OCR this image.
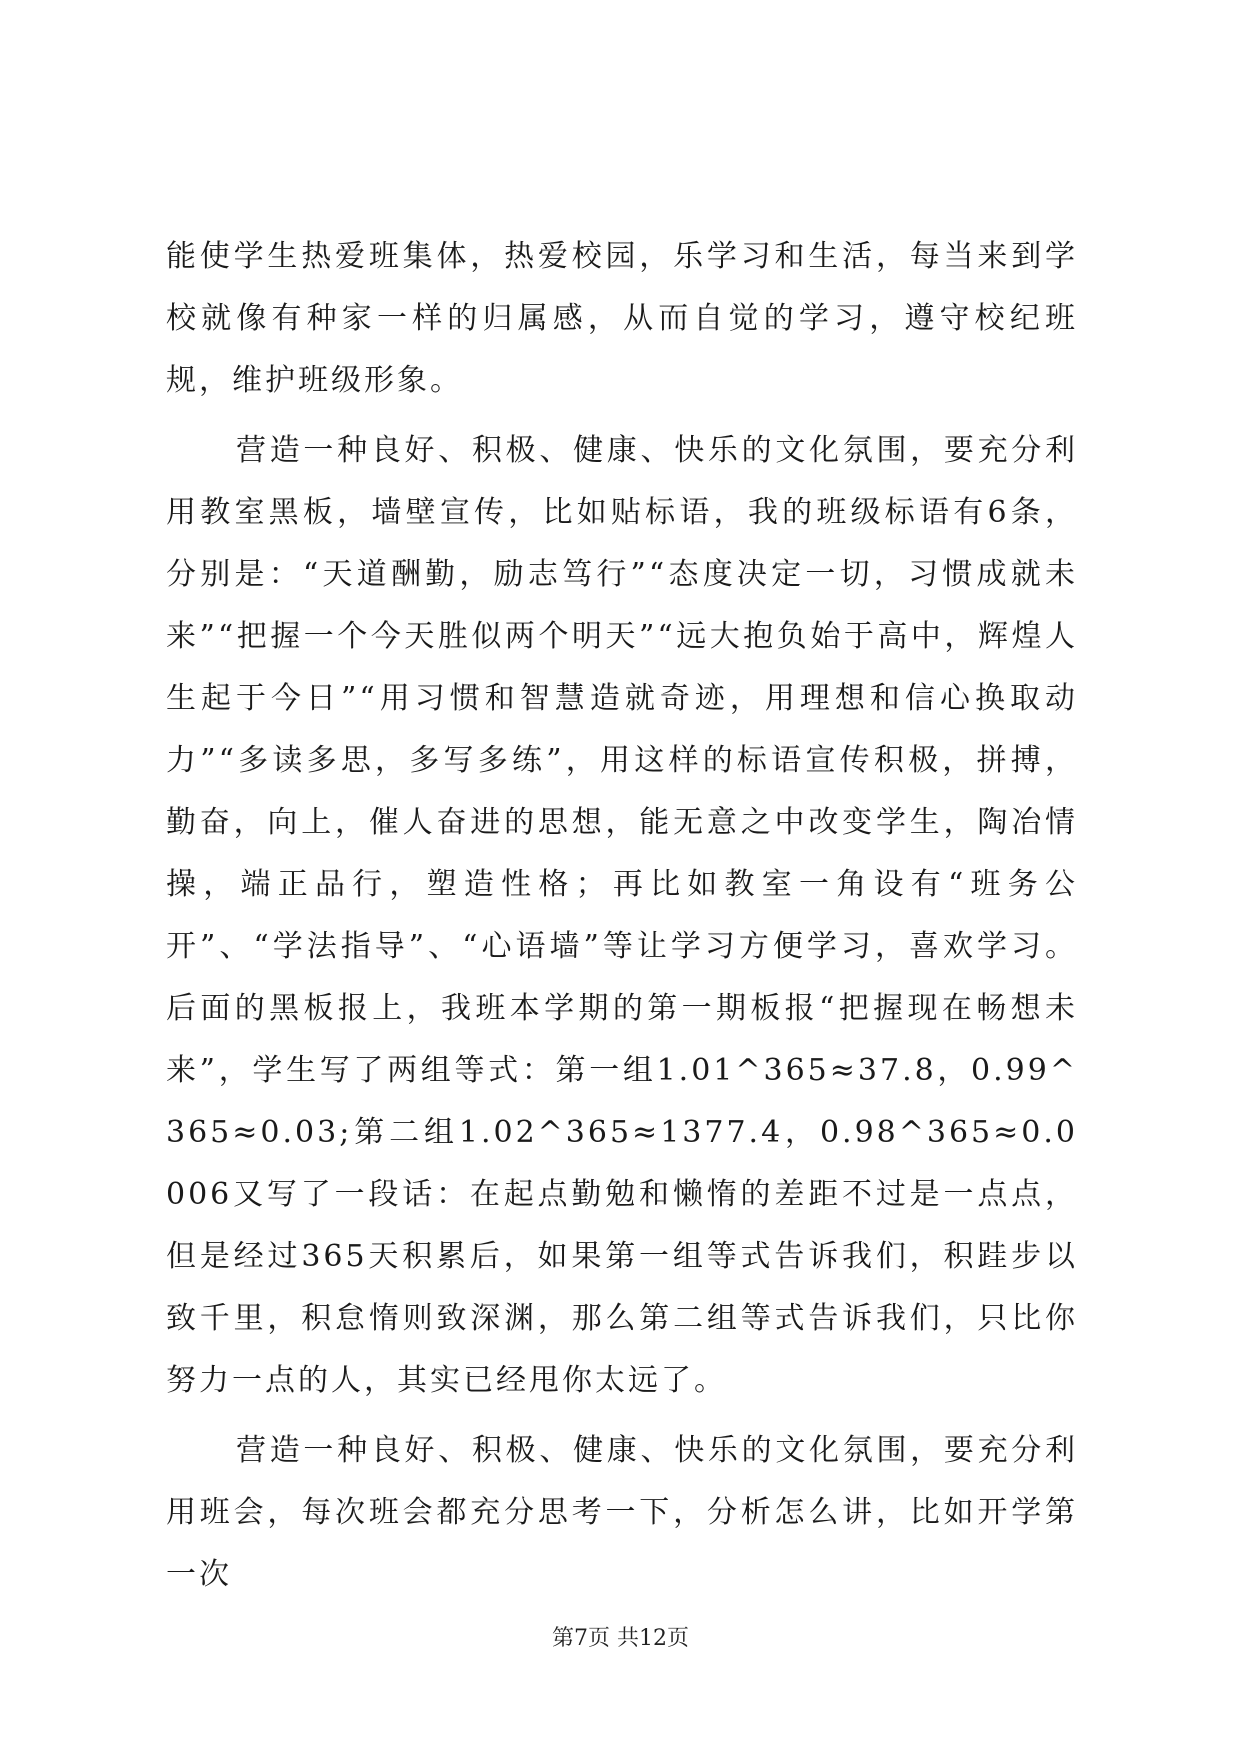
能使学生热爱班集体，热爱校园，乐学习和生活，每当来到学校就像有种家一样的归属感，从而自觉的学习，遵守校纪班规，维护班级形象。

营造一种良好、积极、健康、快乐的文化氛围，要充分利用教室黑板，墙壁宣传，比如贴标语，我的班级标语有6条，分别是：“天道酬勤，励志笃行”“态度决定一切，习惯成就未来”“把握一个今天胜似两个明天”“远大抱负始于高中，辉煌人生起于今日”“用习惯和智慧造就奇迹，用理想和信心换取动力”“多读多思，多写多练”，用这样的标语宣传积极，拼搏，勤奋，向上，催人奋进的思想，能无意之中改变学生，陶冶情操，端正品行，塑造性格；再比如教室一角设有“班务公开”、“学法指导”、“心语墙”等让学习方便学习，喜欢学习。后面的黑板报上，我班本学期的第一期板报“把握现在畅想未来”，学生写了两组等式：第一组1.01^365≈37.8，0.99^365≈0.03;第二组1.02^365≈1377.4，0.98^365≈0.0006又写了一段话：在起点勤勉和懒惰的差距不过是一点点，但是经过365天积累后，如果第一组等式告诉我们，积跬步以致千里，积怠惰则致深渊，那么第二组等式告诉我们，只比你努力一点的人，其实已经甩你太远了。

营造一种良好、积极、健康、快乐的文化氛围，要充分利用班会，每次班会都充分思考一下，分析怎么讲，比如开学第一次

第7页 共12页
